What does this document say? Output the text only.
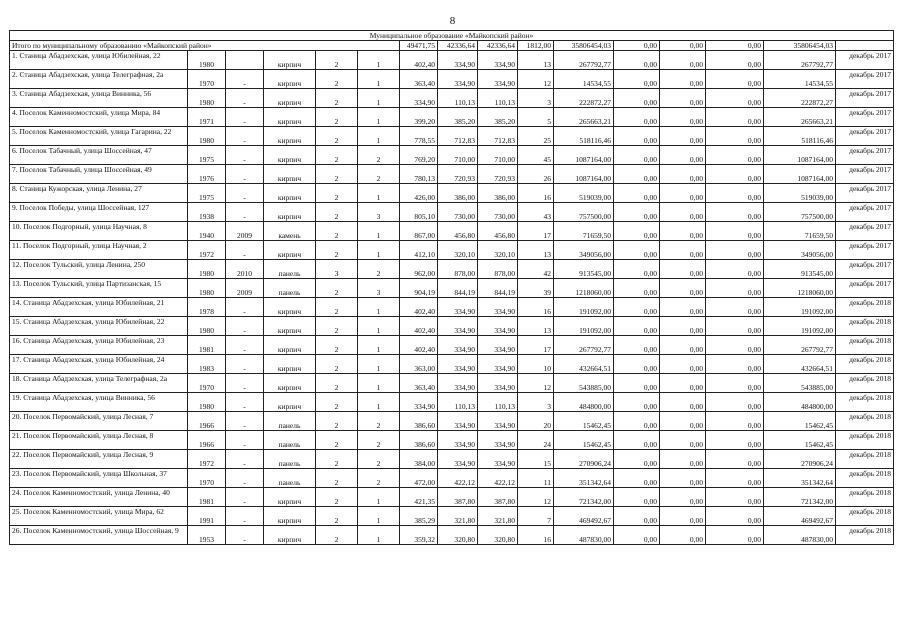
8
Муниципальное образование «Майкопский район»															
Итого по муниципальному образованию «Майкопский район»						49471,75	42336,64	42336,64	1812,00	35806454,03	0,00	0,00	0,00	35806454,03	
1. Станица Абадзехская, улица Юбилейная, 22	1980		кирпич	2	1	402,40	334,90	334,90	13	267792,77	0,00	0,00	0,00	267792,77	декабрь 2017
2. Станица Абадзехская, улица Телеграфная, 2а	1970	-	кирпич	2	1	363,40	334,90	334,90	12	14534,55	0,00	0,00	0,00	14534,55	декабрь 2017
3. Станица Абадзехская, улица Винника, 56	1980	-	кирпич	2	1	334,90	110,13	110,13	3	222872,27	0,00	0,00	0,00	222872,27	декабрь 2017
4. Поселок Каменномостский, улица Мира, 84	1971	-	кирпич	2	1	399,20	385,20	385,20	5	265663,21	0,00	0,00	0,00	265663,21	декабрь 2017
5. Поселок Каменномостский, улица Гагарина, 22	1980	-	кирпич	2	1	778,55	712,83	712,83	25	518116,46	0,00	0,00	0,00	518116,46	декабрь 2017
6. Поселок Табачный, улица Шоссейная, 47	1975	-	кирпич	2	2	769,20	710,00	710,00	45	1087164,00	0,00	0,00	0,00	1087164,00	декабрь 2017
7. Поселок Табачный, улица Шоссейная, 49	1976	-	кирпич	2	2	780,13	720,93	720,93	26	1087164,00	0,00	0,00	0,00	1087164,00	декабрь 2017
8. Станица Кужорская, улица Ленина, 27	1975	-	кирпич	2	1	426,00	386,00	386,00	16	519039,00	0,00	0,00	0,00	519039,00	декабрь 2017
9. Поселок Победы, улица Шоссейная, 127	1938	-	кирпич	2	3	805,10	730,00	730,00	43	757500,00	0,00	0,00	0,00	757500,00	декабрь 2017
10. Поселок Подгорный, улица Научная, 8	1940	2009	камень	2	1	867,00	456,80	456,80	17	71659,50	0,00	0,00	0,00	71659,50	декабрь 2017
11. Поселок Подгорный, улица Научная, 2	1972	-	кирпич	2	1	412,10	320,10	320,10	13	349056,00	0,00	0,00	0,00	349056,00	декабрь 2017
12. Поселок Тульский, улица Ленина, 250	1980	2010	панель	3	2	962,00	878,00	878,00	42	913545,00	0,00	0,00	0,00	913545,00	декабрь 2017
13. Поселок Тульский, улица Партизанская, 15	1980	2009	панель	2	3	904,19	844,19	844,19	39	1218060,00	0,00	0,00	0,00	1218060,00	декабрь 2017
14. Станица Абадзехская, улица Юбилейная, 21	1978	-	кирпич	2	1	402,40	334,90	334,90	16	191092,00	0,00	0,00	0,00	191092,00	декабрь 2018
15. Станица Абадзехская, улица Юбилейная, 22	1980	-	кирпич	2	1	402,40	334,90	334,90	13	191092,00	0,00	0,00	0,00	191092,00	декабрь 2018
16. Станица Абадзехская, улица Юбилейная, 23	1981	-	кирпич	2	1	402,40	334,90	334,90	17	267792,77	0,00	0,00	0,00	267792,77	декабрь 2018
17. Станица Абадзехская, улица Юбилейная, 24	1983	-	кирпич	2	1	363,00	334,90	334,90	10	432664,51	0,00	0,00	0,00	432664,51	декабрь 2018
18. Станица Абадзехская, улица Телеграфная, 2а	1970	-	кирпич	2	1	363,40	334,90	334,90	12	543885,00	0,00	0,00	0,00	543885,00	декабрь 2018
19. Станица Абадзехская, улица Винника, 56	1980	-	кирпич	2	1	334,90	110,13	110,13	3	484800,00	0,00	0,00	0,00	484800,00	декабрь 2018
20. Поселок Первомайский, улица Лесная, 7	1966	-	панель	2	2	386,60	334,90	334,90	20	15462,45	0,00	0,00	0,00	15462,45	декабрь 2018
21. Поселок Первомайский, улица Лесная, 8	1966	-	панель	2	2	386,60	334,90	334,90	24	15462,45	0,00	0,00	0,00	15462,45	декабрь 2018
22. Поселок Первомайский, улица Лесная, 9	1972	-	панель	2	2	384,00	334,90	334,90	15	270906,24	0,00	0,00	0,00	270906,24	декабрь 2018
23. Поселок Первомайский, улица Школьная, 37	1970	-	панель	2	2	472,00	422,12	422,12	11	351342,64	0,00	0,00	0,00	351342,64	декабрь 2018
24. Поселок Каменномостский, улица Ленина, 40	1981	-	кирпич	2	1	421,35	387,80	387,80	12	721342,00	0,00	0,00	0,00	721342,00	декабрь 2018
25. Поселок Каменномостский, улица Мира, 62	1991	-	кирпич	2	1	385,29	321,80	321,80	7	469492,67	0,00	0,00	0,00	469492,67	декабрь 2018
26. Поселок Каменномостский, улица Шоссейная, 9	1953	-	кирпич	2	1	359,32	320,80	320,80	16	487830,00	0,00	0,00	0,00	487830,00	декабрь 2018
